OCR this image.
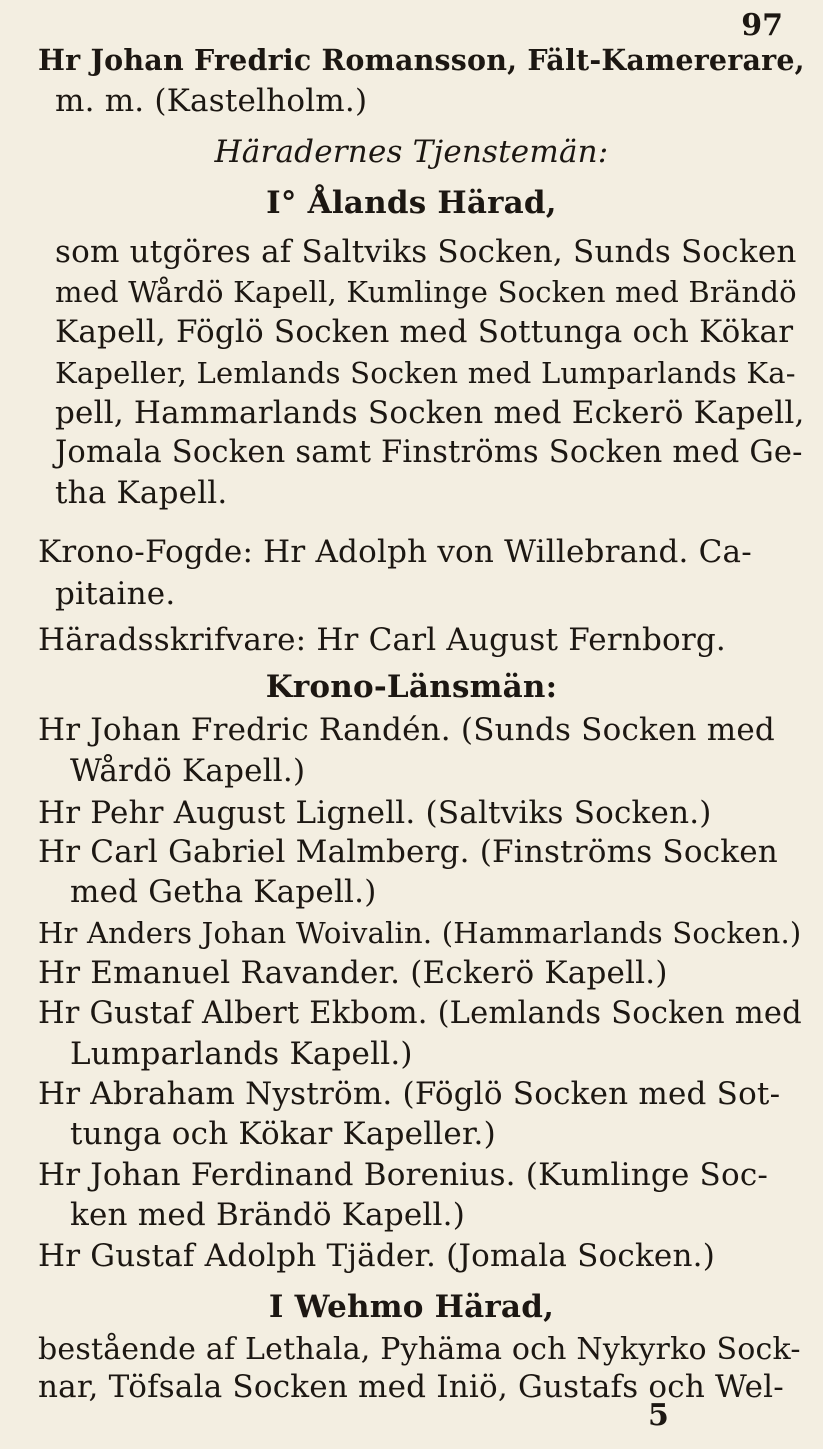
97
Hr Johan Fredric Romansson, Fält-Kamererare,
m. m. (Kastelholm.)
Häradernes Tjenstemän:
I° Ålands Härad,
som utgöres af Saltviks Socken, Sunds Socken
med Wårdö Kapell, Kumlinge Socken med Brändö
Kapell, Föglö Socken med Sottunga och Kökar
Kapeller, Lemlands Socken med Lumparlands Ka-
pell, Hammarlands Socken med Eckerö Kapell,
Jomala Socken samt Finströms Socken med Ge-
tha Kapell.
Krono-Fogde: Hr Adolph von Willebrand. Ca-
pitaine.
Häradsskrifvare: Hr Carl August Fernborg.
Krono-Länsmän:
Hr Johan Fredric Randén. (Sunds Socken med
Wårdö Kapell.)
Hr Pehr August Lignell. (Saltviks Socken.)
Hr Carl Gabriel Malmberg. (Finströms Socken
med Getha Kapell.)
Hr Anders Johan Woivalin. (Hammarlands Socken.)
Hr Emanuel Ravander. (Eckerö Kapell.)
Hr Gustaf Albert Ekbom. (Lemlands Socken med
Lumparlands Kapell.)
Hr Abraham Nyström. (Föglö Socken med Sot-
tunga och Kökar Kapeller.)
Hr Johan Ferdinand Borenius. (Kumlinge Soc-
ken med Brändö Kapell.)
Hr Gustaf Adolph Tjäder. (Jomala Socken.)
I Wehmo Härad,
bestående af Lethala, Pyhäma och Nykyrko Sock-
nar, Töfsala Socken med Iniö, Gustafs och Wel-
5
